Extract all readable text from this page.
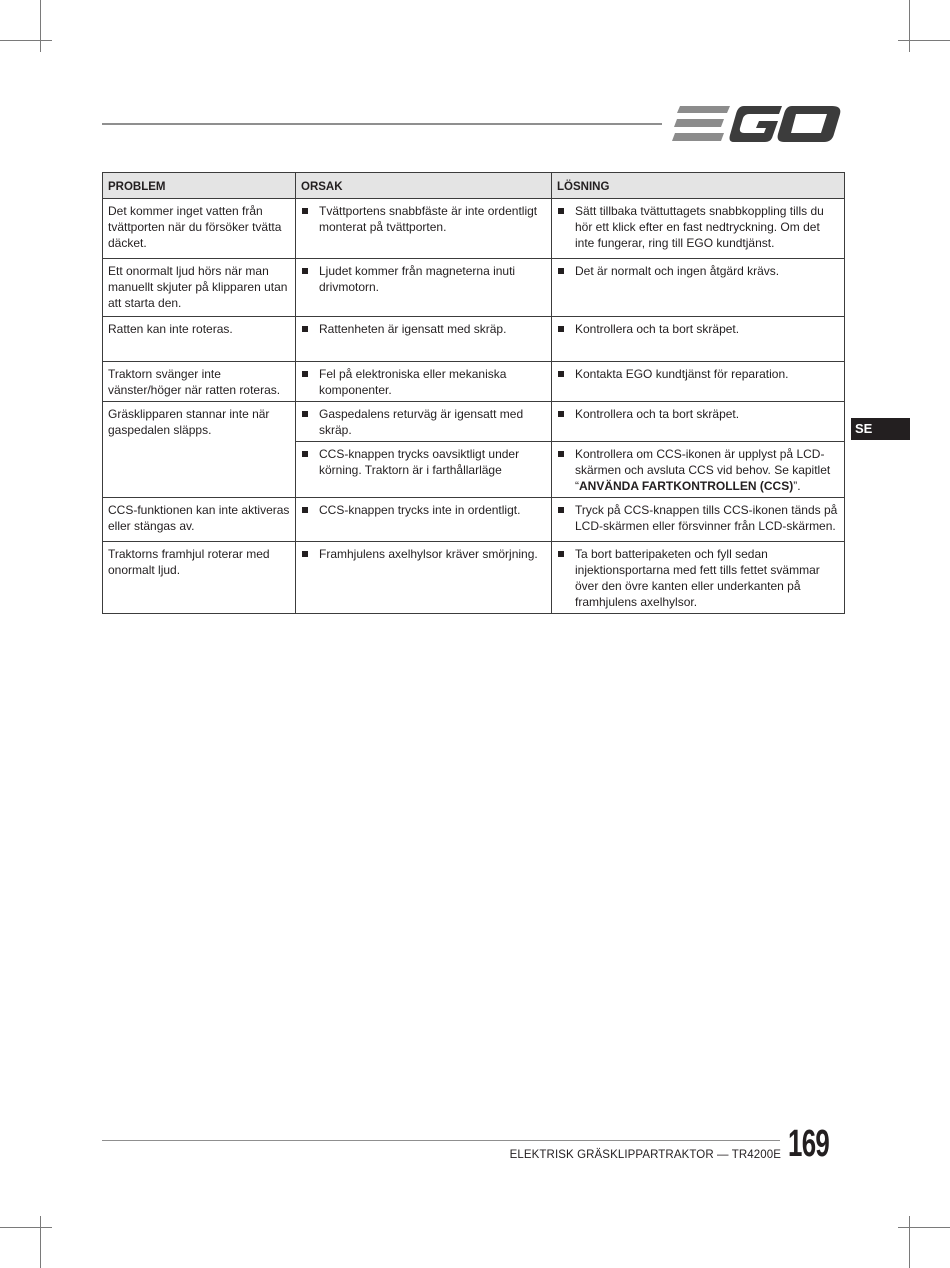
PROBLEM	ORSAK	LÖSNING
Det kommer inget vatten från tvättporten när du försöker tvätta däcket.	Tvättportens snabbfäste är inte ordentligt monterat på tvättporten.	Sätt tillbaka tvättuttagets snabbkoppling tills du hör ett klick efter en fast nedtryckning. Om det inte fungerar, ring till EGO kundtjänst.

Ett onormalt ljud hörs när man manuellt skjuter på klipparen utan att starta den.	Ljudet kommer från magneterna inuti drivmotorn.	Det är normalt och ingen åtgärd krävs.

Ratten kan inte roteras.	Rattenheten är igensatt med skräp.	Kontrollera och ta bort skräpet.

Traktorn svänger inte vänster/höger när ratten roteras.	Fel på elektroniska eller mekaniska komponenter.	Kontakta EGO kundtjänst för reparation.

Gräsklipparen stannar inte när gaspedalen släpps.	Gaspedalens returväg är igensatt med skräp.	Kontrollera och ta bort skräpet.

	CCS-knappen trycks oavsiktligt under körning. Traktorn är i farthållarläge	Kontrollera om CCS-ikonen är upplyst på LCD-skärmen och avsluta CCS vid behov. Se kapitlet “ANVÄNDA FARTKONTROLLEN (CCS)”.

CCS-funktionen kan inte aktiveras eller stängas av.	CCS-knappen trycks inte in ordentligt.	Tryck på CCS-knappen tills CCS-ikonen tänds på LCD-skärmen eller försvinner från LCD-skärmen.

Traktorns framhjul roterar med onormalt ljud.	Framhjulens axelhylsor kräver smörjning.	Ta bort batteripaketen och fyll sedan injektionsportarna med fett tills fettet svämmar över den övre kanten eller underkanten på framhjulens axelhylsor.
SE
ELEKTRISK GRÄSKLIPPARTRAKTOR — TR4200E 169
